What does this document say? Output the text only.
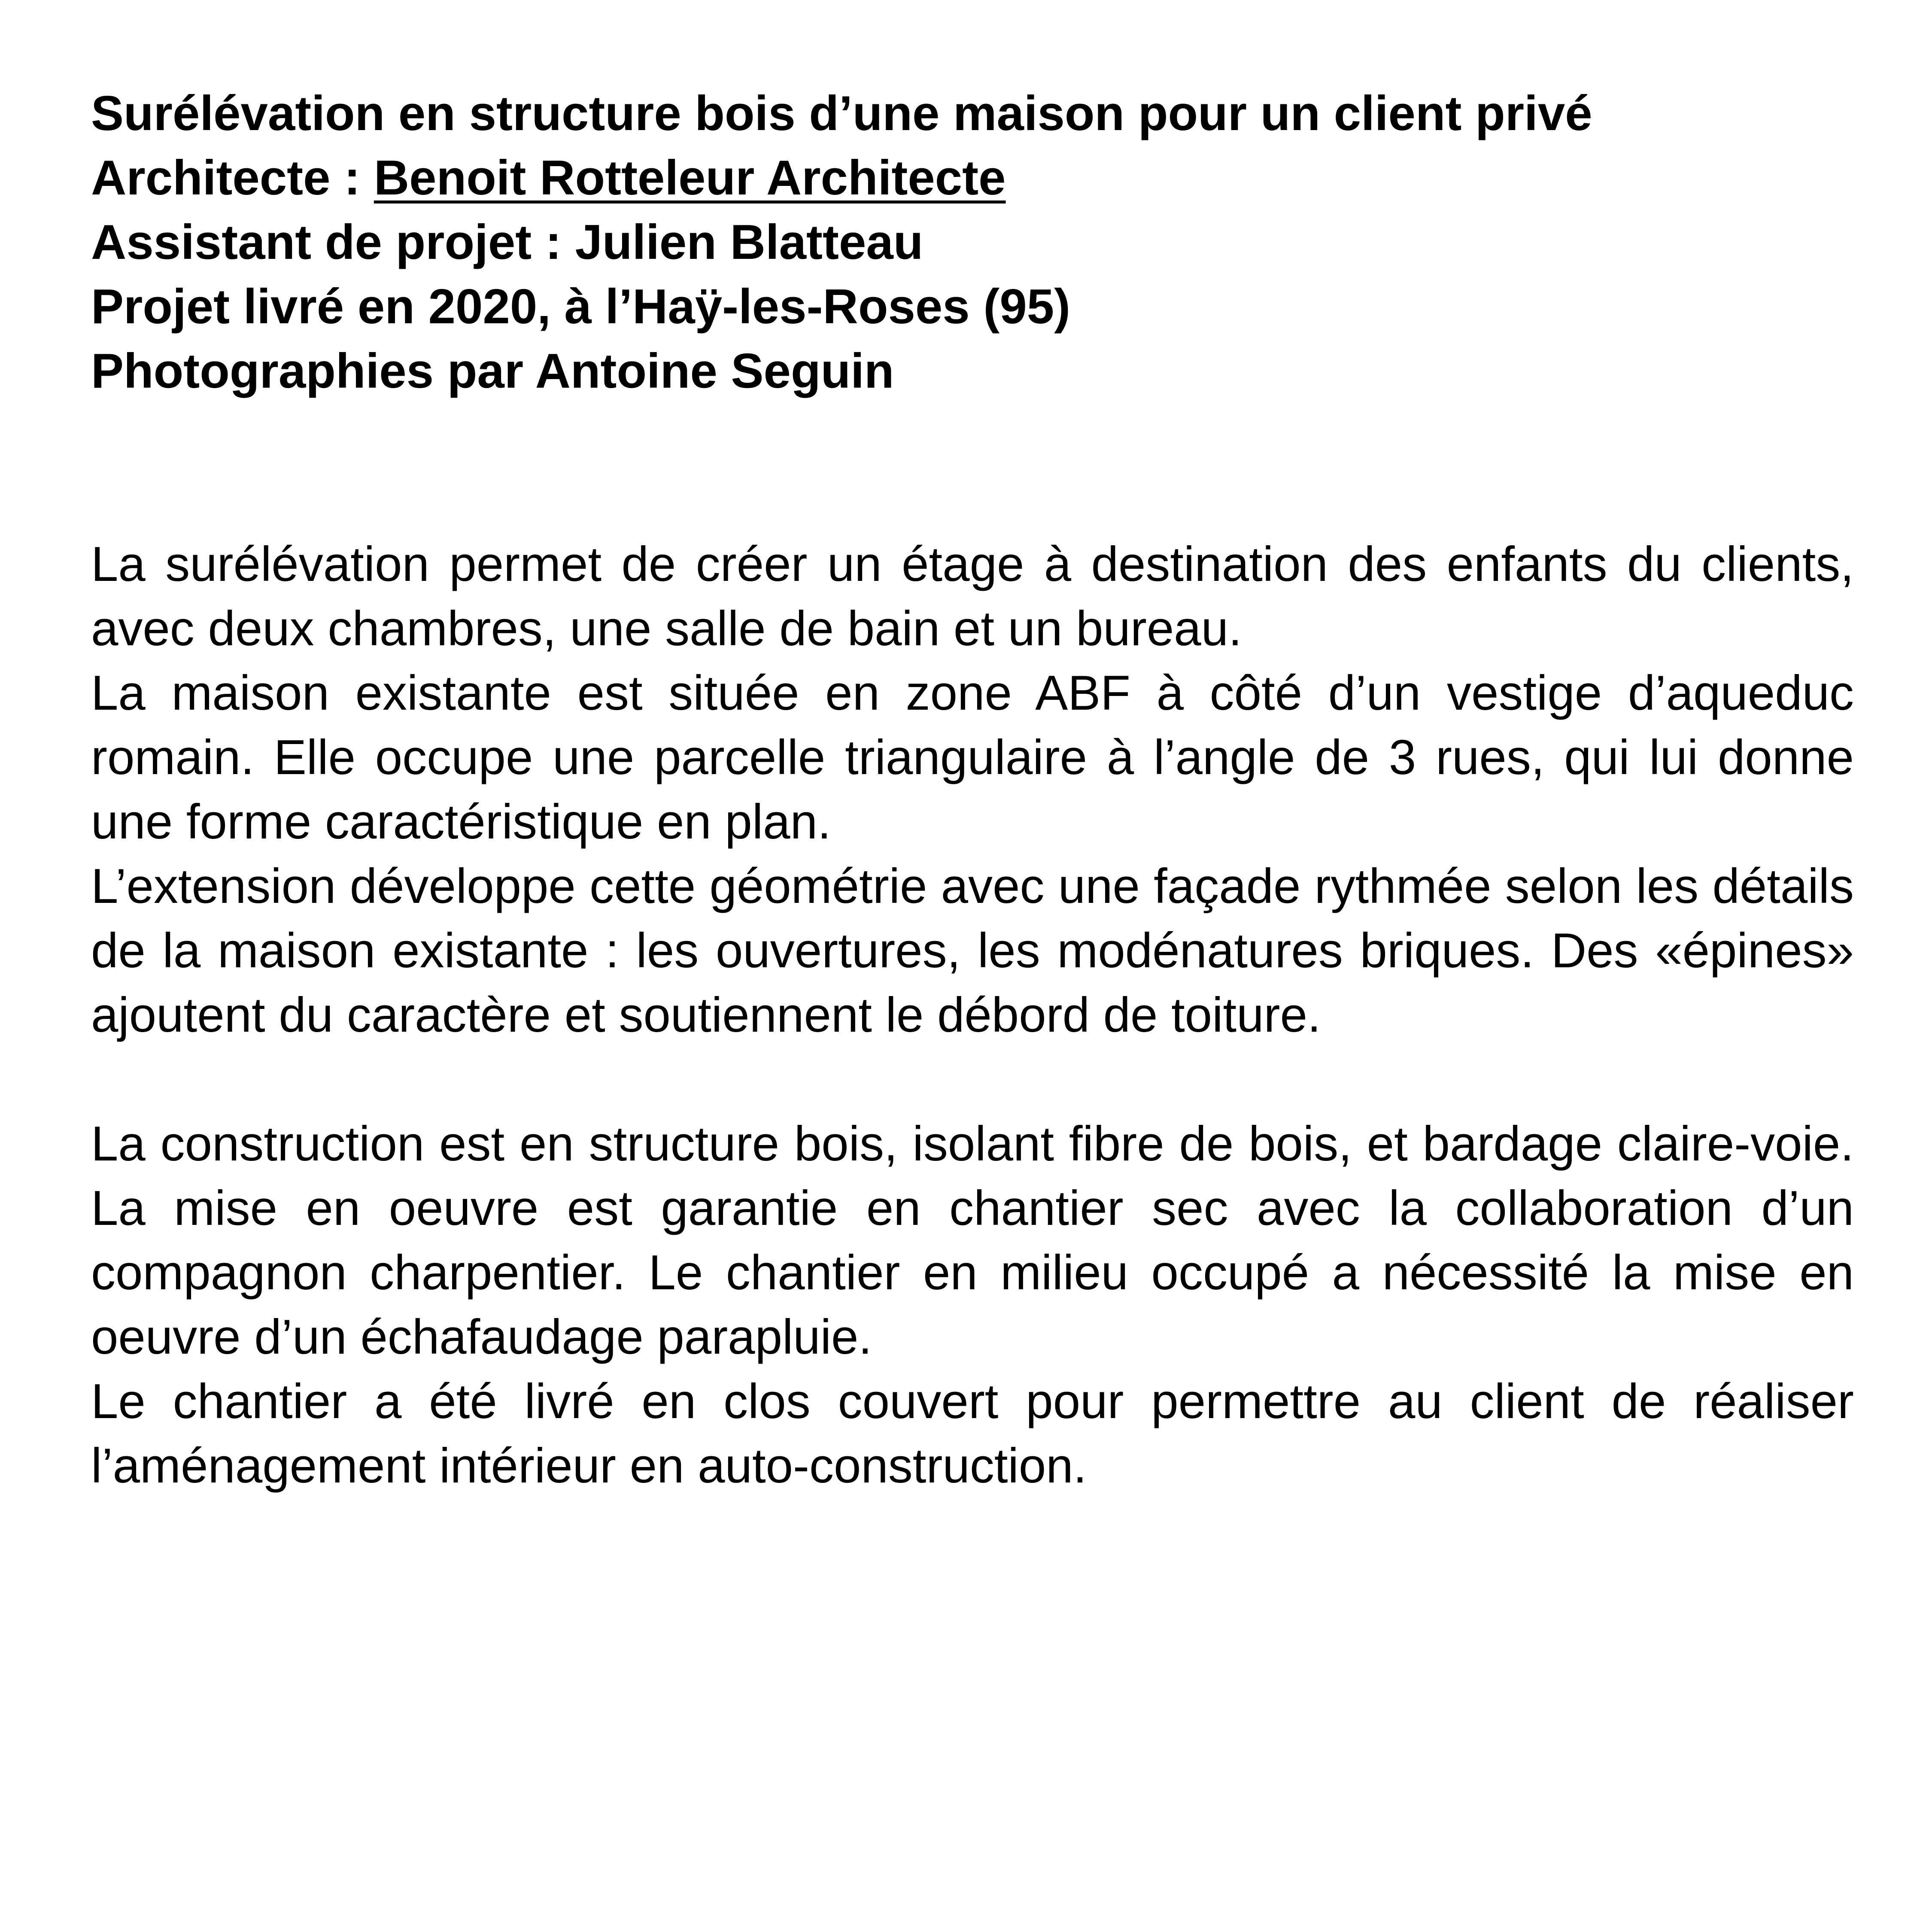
Surélévation en structure bois d’une maison pour un client privé
Architecte : Benoit Rotteleur Architecte
Assistant de projet : Julien Blatteau
Projet livré en 2020, à l’Haÿ-les-Roses (95)
Photographies par Antoine Seguin

La surélévation permet de créer un étage à destination des enfants du clients, avec deux chambres, une salle de bain et un bureau.

La maison existante est située en zone ABF à côté d’un vestige d’aqueduc romain. Elle occupe une parcelle triangulaire à l’angle de 3 rues, qui lui donne une forme caractéristique en plan.

L’extension développe cette géométrie avec une façade rythmée selon les détails de la maison existante : les ouvertures, les modénatures briques. Des «épines» ajoutent du caractère et soutiennent le débord de toiture.

La construction est en structure bois, isolant fibre de bois, et bardage claire-voie. La mise en oeuvre est garantie en chantier sec avec la collaboration d’un compagnon charpentier. Le chantier en milieu occupé a nécessité la mise en oeuvre d’un échafaudage parapluie.

Le chantier a été livré en clos couvert pour permettre au client de réaliser l’aménagement intérieur en auto-construction.
